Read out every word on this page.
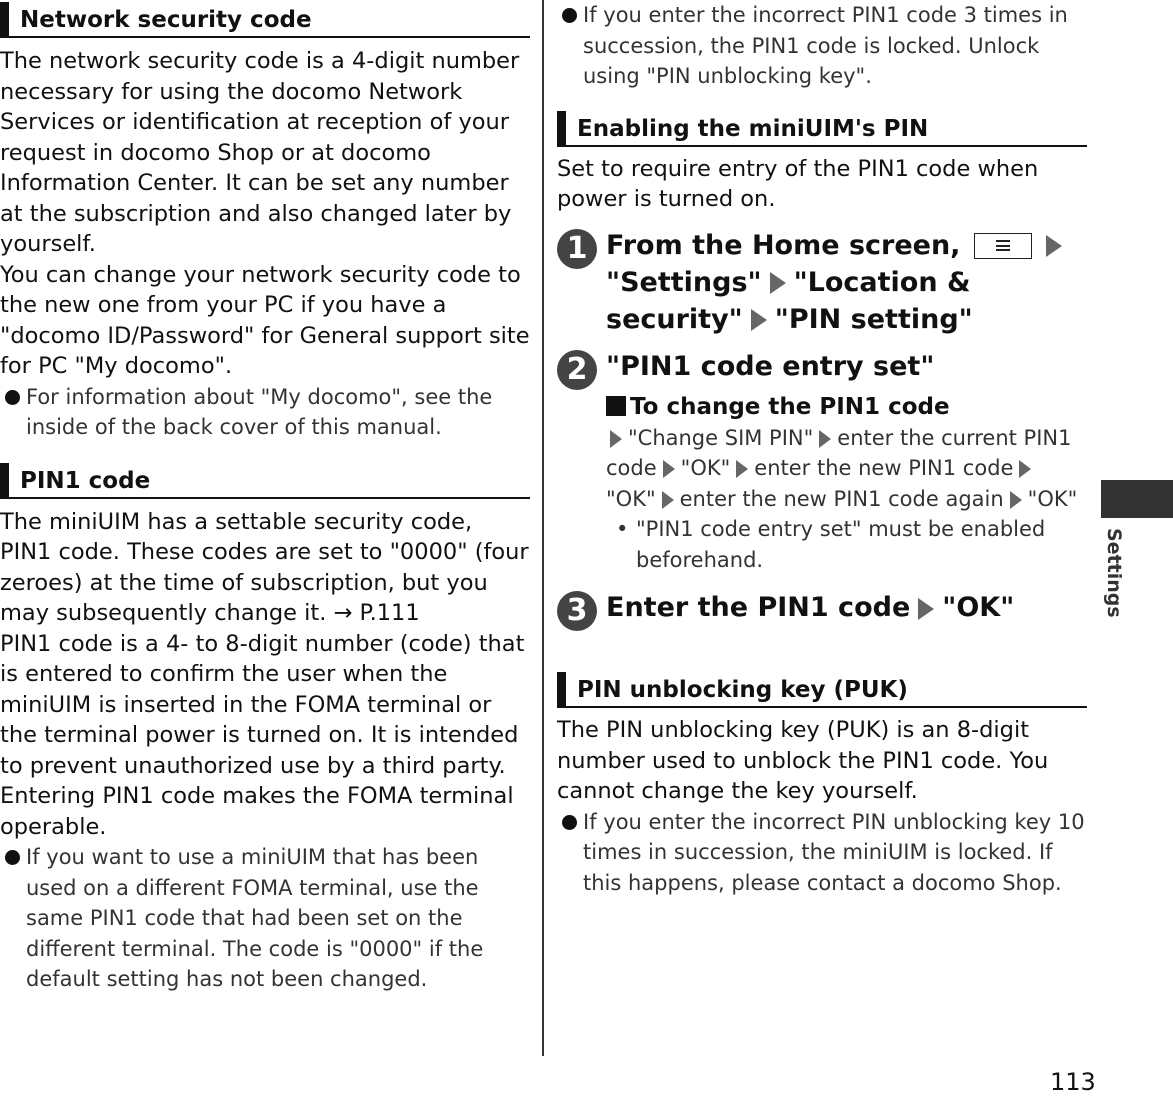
Network security code
The network security code is a 4-digit number necessary for using the docomo Network Services or identification at reception of your request in docomo Shop or at docomo Information Center. It can be set any number at the subscription and also changed later by yourself.
You can change your network security code to the new one from your PC if you have a "docomo ID/Password" for General support site for PC "My docomo".
For information about "My docomo", see the inside of the back cover of this manual.
PIN1 code
The miniUIM has a settable security code, PIN1 code. These codes are set to "0000" (four zeroes) at the time of subscription, but you may subsequently change it. → P.111
PIN1 code is a 4- to 8-digit number (code) that is entered to confirm the user when the miniUIM is inserted in the FOMA terminal or the terminal power is turned on. It is intended to prevent unauthorized use by a third party. Entering PIN1 code makes the FOMA terminal operable.
If you want to use a miniUIM that has been used on a different FOMA terminal, use the same PIN1 code that had been set on the different terminal. The code is "0000" if the default setting has not been changed.
If you enter the incorrect PIN1 code 3 times in succession, the PIN1 code is locked. Unlock using "PIN unblocking key".
Enabling the miniUIM's PIN
Set to require entry of the PIN1 code when power is turned on.
1 From the Home screen,
"Settings" "Location & security" "PIN setting"
2 "PIN1 code entry set"
To change the PIN1 code
"Change SIM PIN" enter the current PIN1 code "OK" enter the new PIN1 code"OK" enter the new PIN1 code again "OK"
• "PIN1 code entry set" must be enabled beforehand.
3 Enter the PIN1 code "OK"
PIN unblocking key (PUK)
The PIN unblocking key (PUK) is an 8-digit number used to unblock the PIN1 code. You cannot change the key yourself.
If you enter the incorrect PIN unblocking key 10 times in succession, the miniUIM is locked. If this happens, please contact a docomo Shop.
Settings
113
